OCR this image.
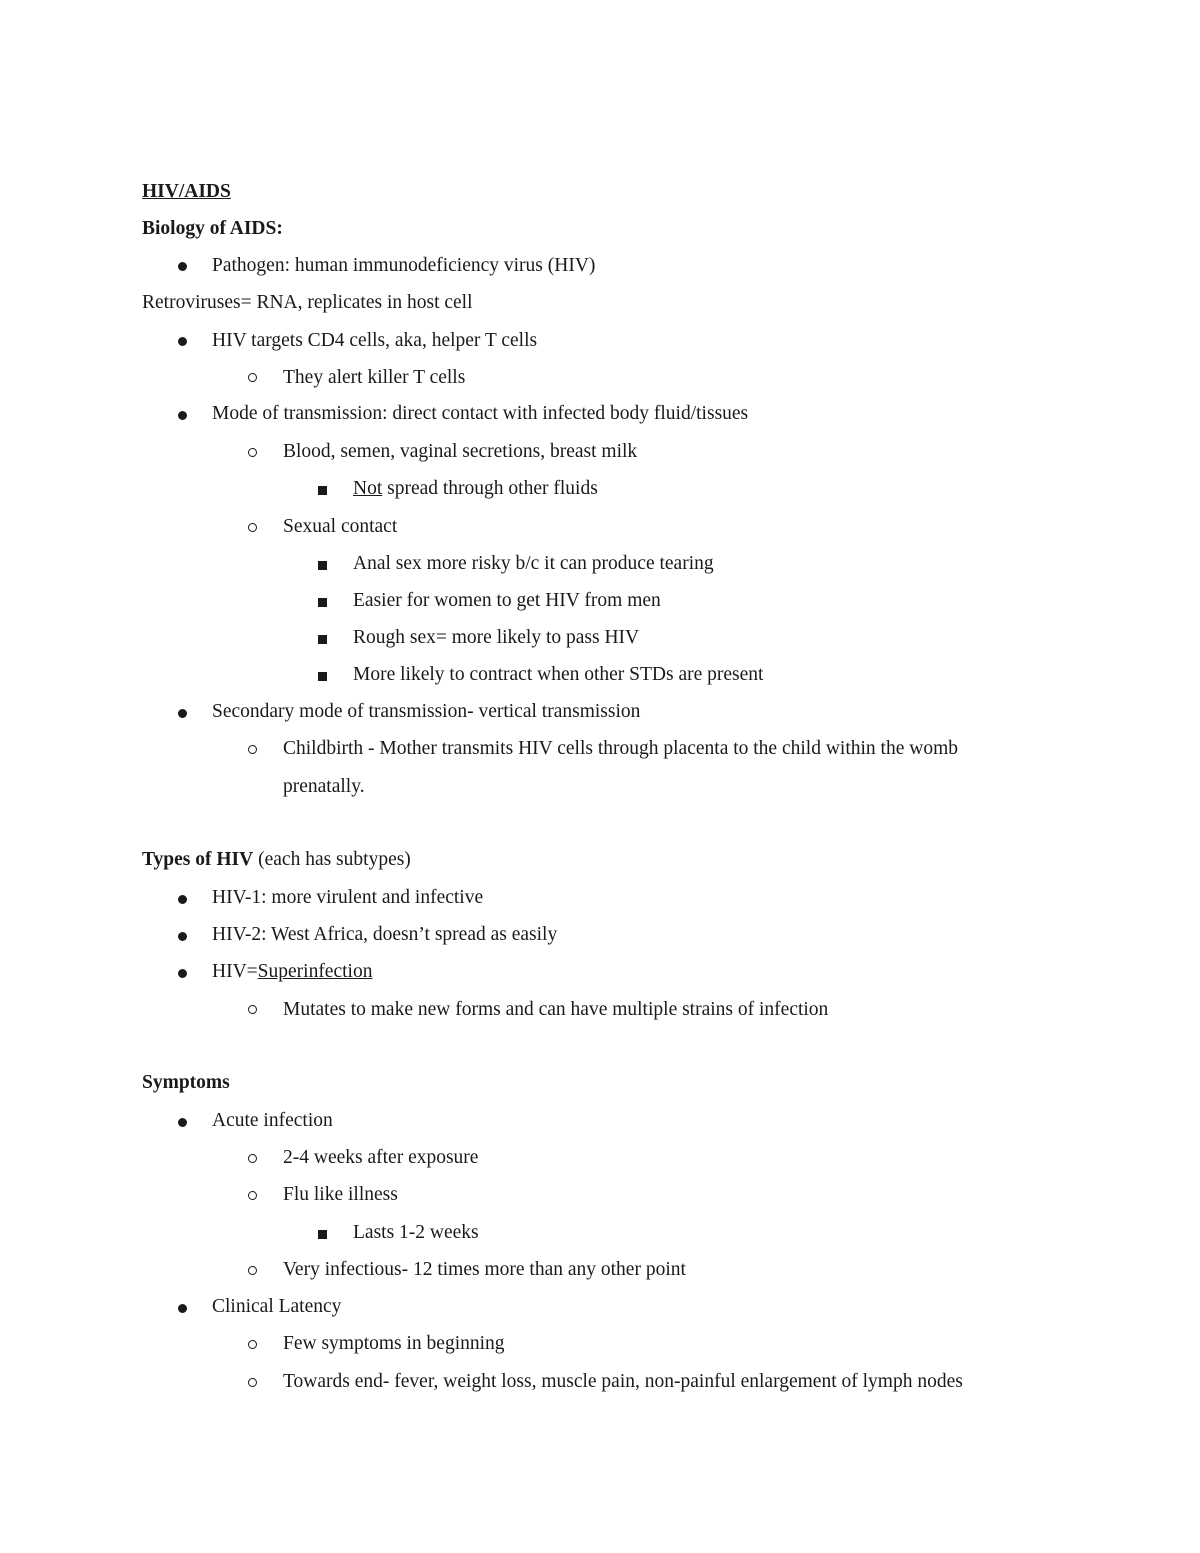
HIV/AIDS
Biology of AIDS:
Pathogen: human immunodeficiency virus (HIV)
Retroviruses= RNA, replicates in host cell
HIV targets CD4 cells, aka, helper T cells
They alert killer T cells
Mode of transmission: direct contact with infected body fluid/tissues
Blood, semen, vaginal secretions, breast milk
Not spread through other fluids
Sexual contact
Anal sex more risky b/c it can produce tearing
Easier for women to get HIV from men
Rough sex= more likely to pass HIV
More likely to contract when other STDs are present
Secondary mode of transmission- vertical transmission
Childbirth - Mother transmits HIV cells through placenta to the child within the womb
prenatally.
Types of HIV (each has subtypes)
HIV-1: more virulent and infective
HIV-2: West Africa, doesn’t spread as easily
HIV=Superinfection
Mutates to make new forms and can have multiple strains of infection
Symptoms
Acute infection
2-4 weeks after exposure
Flu like illness
Lasts 1-2 weeks
Very infectious- 12 times more than any other point
Clinical Latency
Few symptoms in beginning
Towards end- fever, weight loss, muscle pain, non-painful enlargement of lymph nodes
